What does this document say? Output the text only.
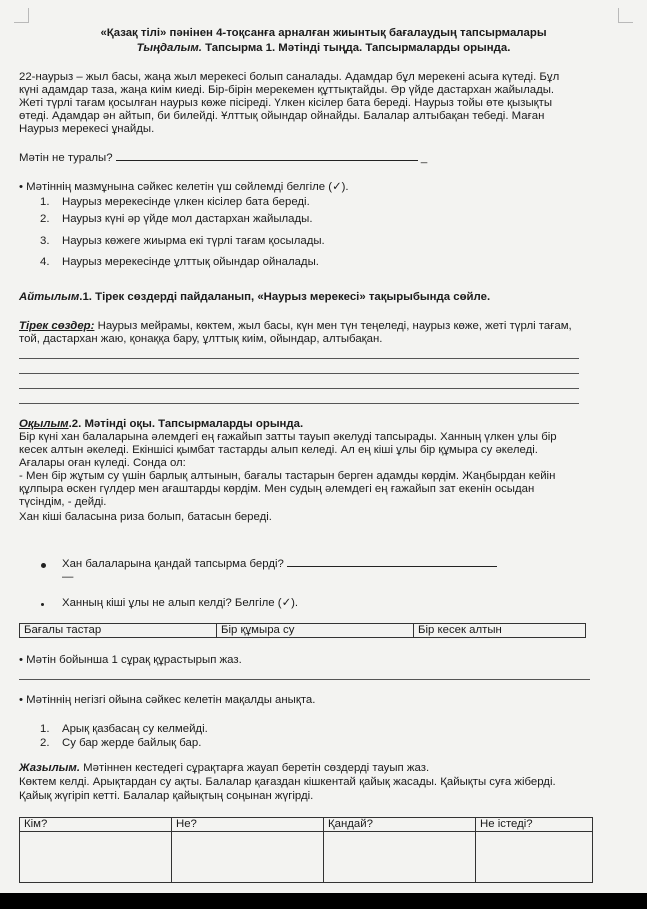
«Қазақ тілі» пәнінен 4-тоқсанға арналған жиынтық бағалаудың тапсырмалары
Тыңдалым. Тапсырма 1. Мәтінді тыңда. Тапсырмаларды орында.
22-наурыз – жыл басы, жаңа жыл мерекесі болып саналады. Адамдар бұл мерекені асыға күтеді. Бұл
күні адамдар таза, жаңа киім киеді. Бір-бірін мерекемен құттықтайды. Әр үйде дастархан жайылады.
Жеті түрлі тағам қосылған наурыз көже пісіреді. Үлкен кісілер бата береді. Наурыз тойы өте қызықты
өтеді. Адамдар ән айтып, би билейді. Ұлттық ойындар ойнайды. Балалар алтыбақан тебеді. Маған
Наурыз мерекесі ұнайды.
Мәтін не туралы?	_
• Мәтіннің мазмұнына сәйкес келетін үш сөйлемді белгіле (✓).
1. Наурыз мерекесінде үлкен кісілер бата береді.
2. Наурыз күні әр үйде мол дастархан жайылады.
3. Наурыз көжеге жиырма екі түрлі тағам қосылады.
4. Наурыз мерекесінде ұлттық ойындар ойналады.
Айтылым.1. Тірек сөздерді пайдаланып, «Наурыз мерекесі» тақырыбында сөйле.
Тірек сөздер: Наурыз мейрамы, көктем, жыл басы, күн мен түн теңеледі, наурыз көже, жеті түрлі тағам,
той, дастархан жаю, қонаққа бару, ұлттық киім, ойындар, алтыбақан.
Оқылым.2. Мәтінді оқы. Тапсырмаларды орында.
Бір күні хан балаларына әлемдегі ең ғажайып затты тауып әкелуді тапсырады. Ханның үлкен ұлы бір
кесек алтын әкеледі. Екіншісі қымбат тастарды алып келеді. Ал ең кіші ұлы бір құмыра су әкеледі.
Ағалары оған күледі. Сонда ол:
- Мен бір жұтым су үшін барлық алтынын, бағалы тастарын берген адамды көрдім. Жаңбырдан кейін
құлпыра өскен гүлдер мен ағаштарды көрдім. Мен судың әлемдегі ең ғажайып зат екенін осыдан
түсіндім, - дейді.
Хан кіші баласына риза болып, батасын береді.
Хан балаларына қандай тапсырма берді?
—
Ханның кіші ұлы не алып келді? Белгіле (✓).
Бағалы тастар	Бір құмыра су	Бір кесек алтын
• Мәтін бойынша 1 сұрақ құрастырып жаз.
• Мәтіннің негізгі ойына сәйкес келетін мақалды анықта.
1. Арық қазбасаң су келмейді.
2. Су бар жерде байлық бар.
Жазылым. Мәтіннен кестедегі сұрақтарға жауап беретін сөздерді тауып жаз.
Көктем келді. Арықтардан су ақты. Балалар қағаздан кішкентай қайық жасады. Қайықты суға жіберді.
Қайық жүгіріп кетті. Балалар қайықтың соңынан жүгірді.
Кім?	Не?	Қандай?	Не істеді?
